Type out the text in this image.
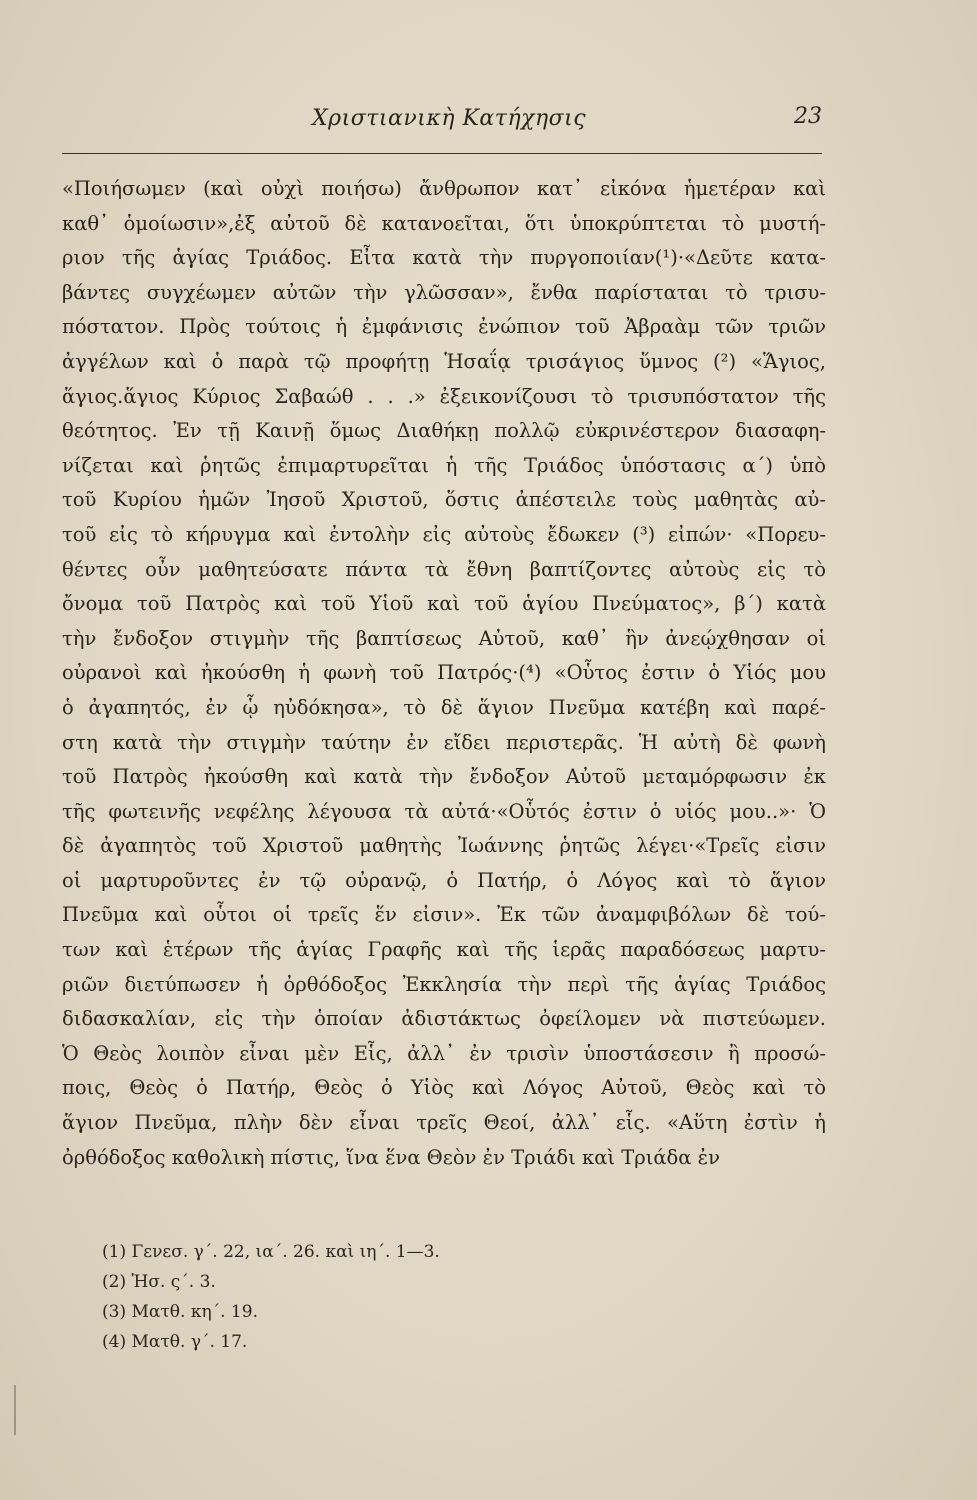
Χριστιανικὴ Κατήχησις	23
«Ποιήσωμεν (καὶ οὐχὶ ποιήσω) ἄνθρωπον κατ᾽ εἰκόνα ἡμετέραν καὶ
καθ᾽ ὁμοίωσιν»,ἐξ αὐτοῦ δὲ κατανοεῖται, ὅτι ὑποκρύπτεται τὸ μυστή-
ριον τῆς ἁγίας Τριάδος. Εἶτα κατὰ τὴν πυργοποιίαν(¹)·«Δεῦτε κατα-
βάντες συγχέωμεν αὐτῶν τὴν γλῶσσαν», ἔνθα παρίσταται τὸ τρισυ-
πόστατον. Πρὸς τούτοις ἡ ἐμφάνισις ἐνώπιον τοῦ Ἀβραὰμ τῶν τριῶν
ἀγγέλων καὶ ὁ παρὰ τῷ προφήτῃ Ἡσαΐᾳ τρισάγιος ὕμνος (²) «Ἅγιος,
ἅγιος.ἅγιος Κύριος Σαβαώθ . . .» ἐξεικονίζουσι τὸ τρισυπόστατον τῆς
θεότητος. Ἐν τῇ Καινῇ ὅμως Διαθήκῃ πολλῷ εὐκρινέστερον διασαφη-
νίζεται καὶ ῥητῶς ἐπιμαρτυρεῖται ἡ τῆς Τριάδος ὑπόστασις α΄) ὑπὸ
τοῦ Κυρίου ἡμῶν Ἰησοῦ Χριστοῦ, ὅστις ἀπέστειλε τοὺς μαθητὰς αὐ-
τοῦ εἰς τὸ κήρυγμα καὶ ἐντολὴν εἰς αὐτοὺς ἔδωκεν (³) εἰπών· «Πορευ-
θέντες οὖν μαθητεύσατε πάντα τὰ ἔθνη βαπτίζοντες αὐτοὺς εἰς τὸ
ὄνομα τοῦ Πατρὸς καὶ τοῦ Υἱοῦ καὶ τοῦ ἁγίου Πνεύματος», β΄) κατὰ
τὴν ἔνδοξον στιγμὴν τῆς βαπτίσεως Αὐτοῦ, καθ᾽ ἣν ἀνεῴχθησαν οἱ
οὐρανοὶ καὶ ἠκούσθη ἡ φωνὴ τοῦ Πατρός·(⁴) «Οὗτος ἐστιν ὁ Υἱός μου
ὁ ἀγαπητός, ἐν ᾧ ηὐδόκησα», τὸ δὲ ἅγιον Πνεῦμα κατέβη καὶ παρέ-
στη κατὰ τὴν στιγμὴν ταύτην ἐν εἴδει περιστερᾶς. Ἡ αὐτὴ δὲ φωνὴ
τοῦ Πατρὸς ἠκούσθη καὶ κατὰ τὴν ἔνδοξον Αὐτοῦ μεταμόρφωσιν ἐκ
τῆς φωτεινῆς νεφέλης λέγουσα τὰ αὐτά·«Οὗτός ἐστιν ὁ υἱός μου..»· Ὁ
δὲ ἀγαπητὸς τοῦ Χριστοῦ μαθητὴς Ἰωάννης ῥητῶς λέγει·«Τρεῖς εἰσιν
οἱ μαρτυροῦντες ἐν τῷ οὐρανῷ, ὁ Πατήρ, ὁ Λόγος καὶ τὸ ἅγιον
Πνεῦμα καὶ οὗτοι οἱ τρεῖς ἕν εἰσιν». Ἐκ τῶν ἀναμφιβόλων δὲ τού-
των καὶ ἑτέρων τῆς ἁγίας Γραφῆς καὶ τῆς ἱερᾶς παραδόσεως μαρτυ-
ριῶν διετύπωσεν ἡ ὀρθόδοξος Ἐκκλησία τὴν περὶ τῆς ἁγίας Τριάδος
διδασκαλίαν, εἰς τὴν ὁποίαν ἀδιστάκτως ὀφείλομεν νὰ πιστεύωμεν.
Ὁ Θεὸς λοιπὸν εἶναι μὲν Εἷς, ἀλλ᾽ ἐν τρισὶν ὑποστάσεσιν ἢ προσώ-
ποις, Θεὸς ὁ Πατήρ, Θεὸς ὁ Υἱὸς καὶ Λόγος Αὐτοῦ, Θεὸς καὶ τὸ
ἅγιον Πνεῦμα, πλὴν δὲν εἶναι τρεῖς Θεοί, ἀλλ᾽ εἷς. «Αὕτη ἐστὶν ἡ
ὀρθόδοξος καθολικὴ πίστις, ἵνα ἕνα Θεὸν ἐν Τριάδι καὶ Τριάδα ἐν
(1) Γενεσ. γ΄. 22, ια΄. 26. καὶ ιη΄. 1—3.
(2) Ἡσ. ς΄. 3.
(3) Ματθ. κη΄. 19.
(4) Ματθ. γ΄. 17.
